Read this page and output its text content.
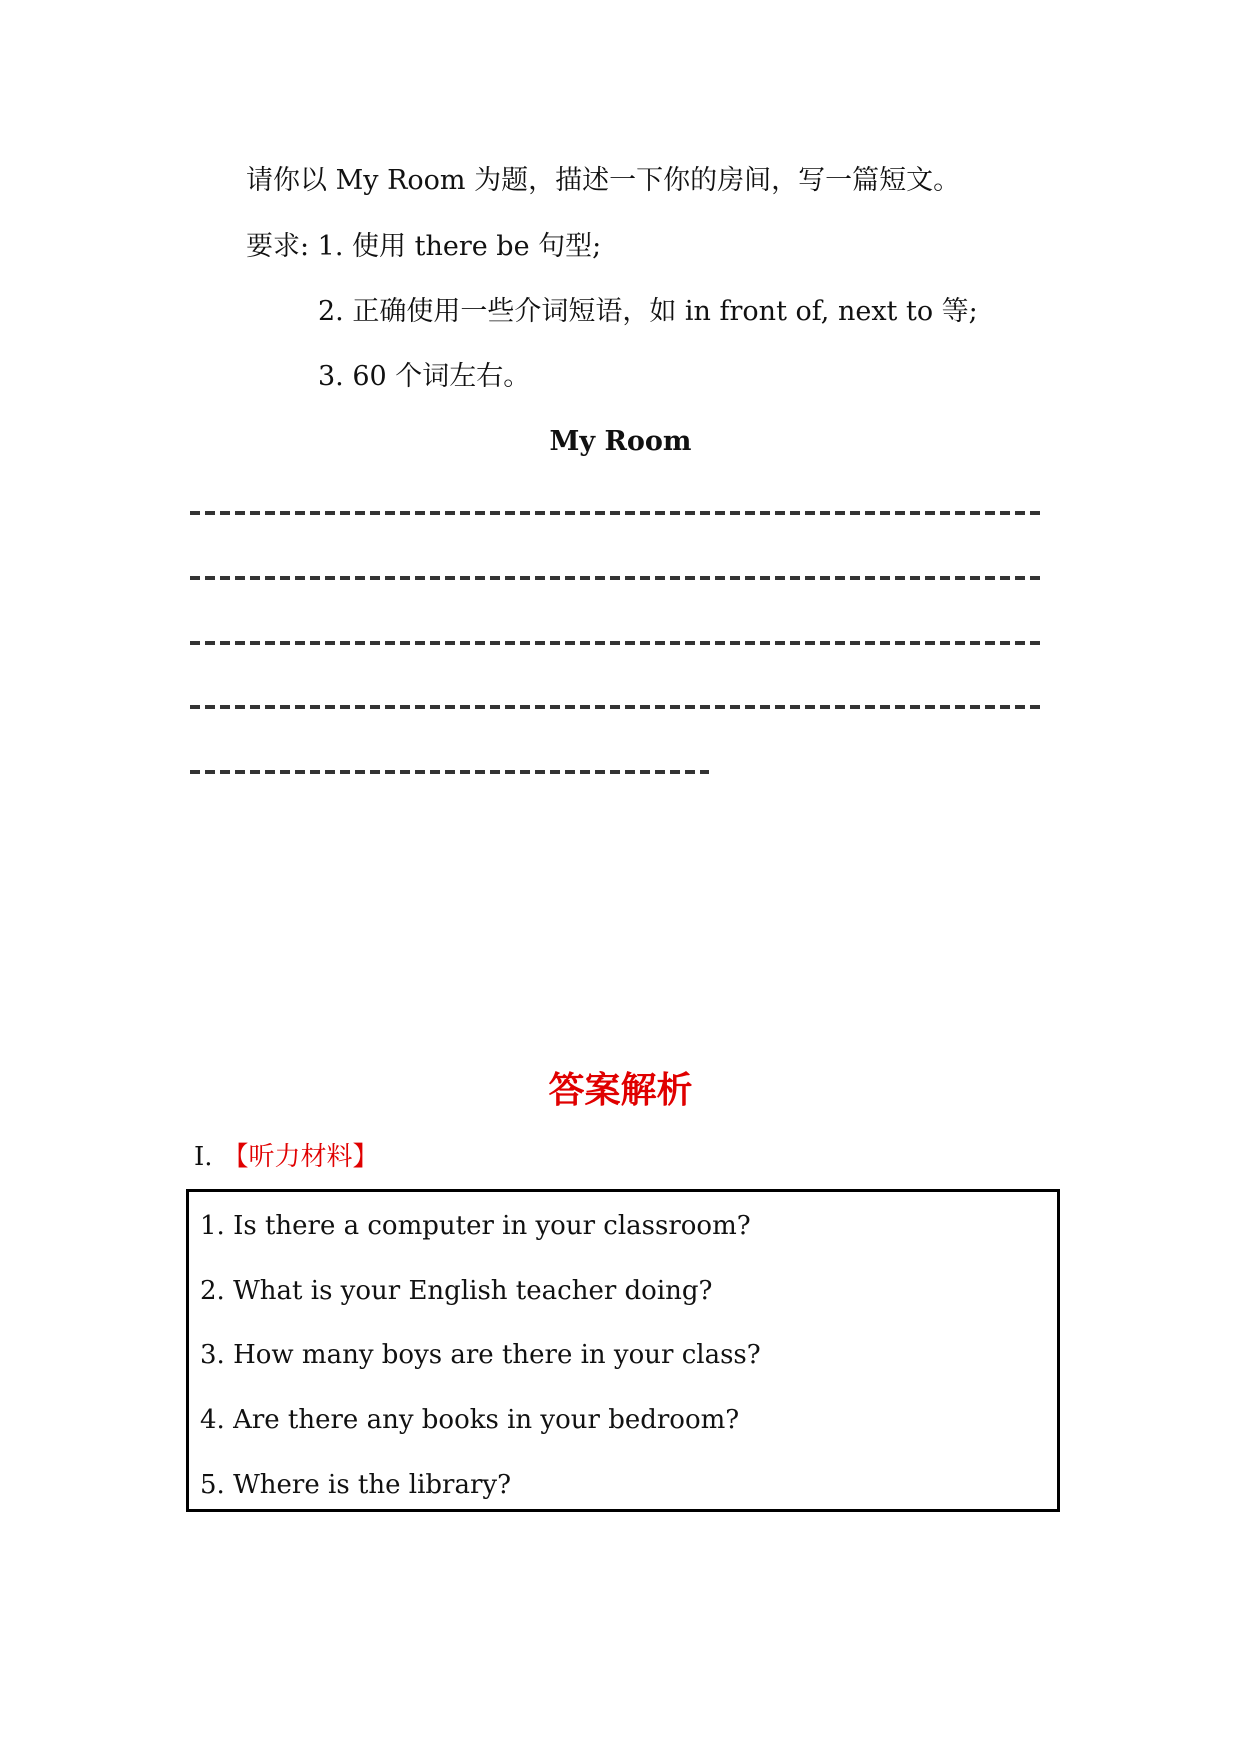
请你以 My Room 为题，描述一下你的房间，写一篇短文。
要求: 1. 使用 there be 句型;
2. 正确使用一些介词短语，如 in front of, next to 等;
3. 60 个词左右。
My Room
答案解析
Ⅰ. 【听力材料】
1. Is there a computer in your classroom?
2. What is your English teacher doing?
3. How many boys are there in your class?
4. Are there any books in your bedroom?
5. Where is the library?
